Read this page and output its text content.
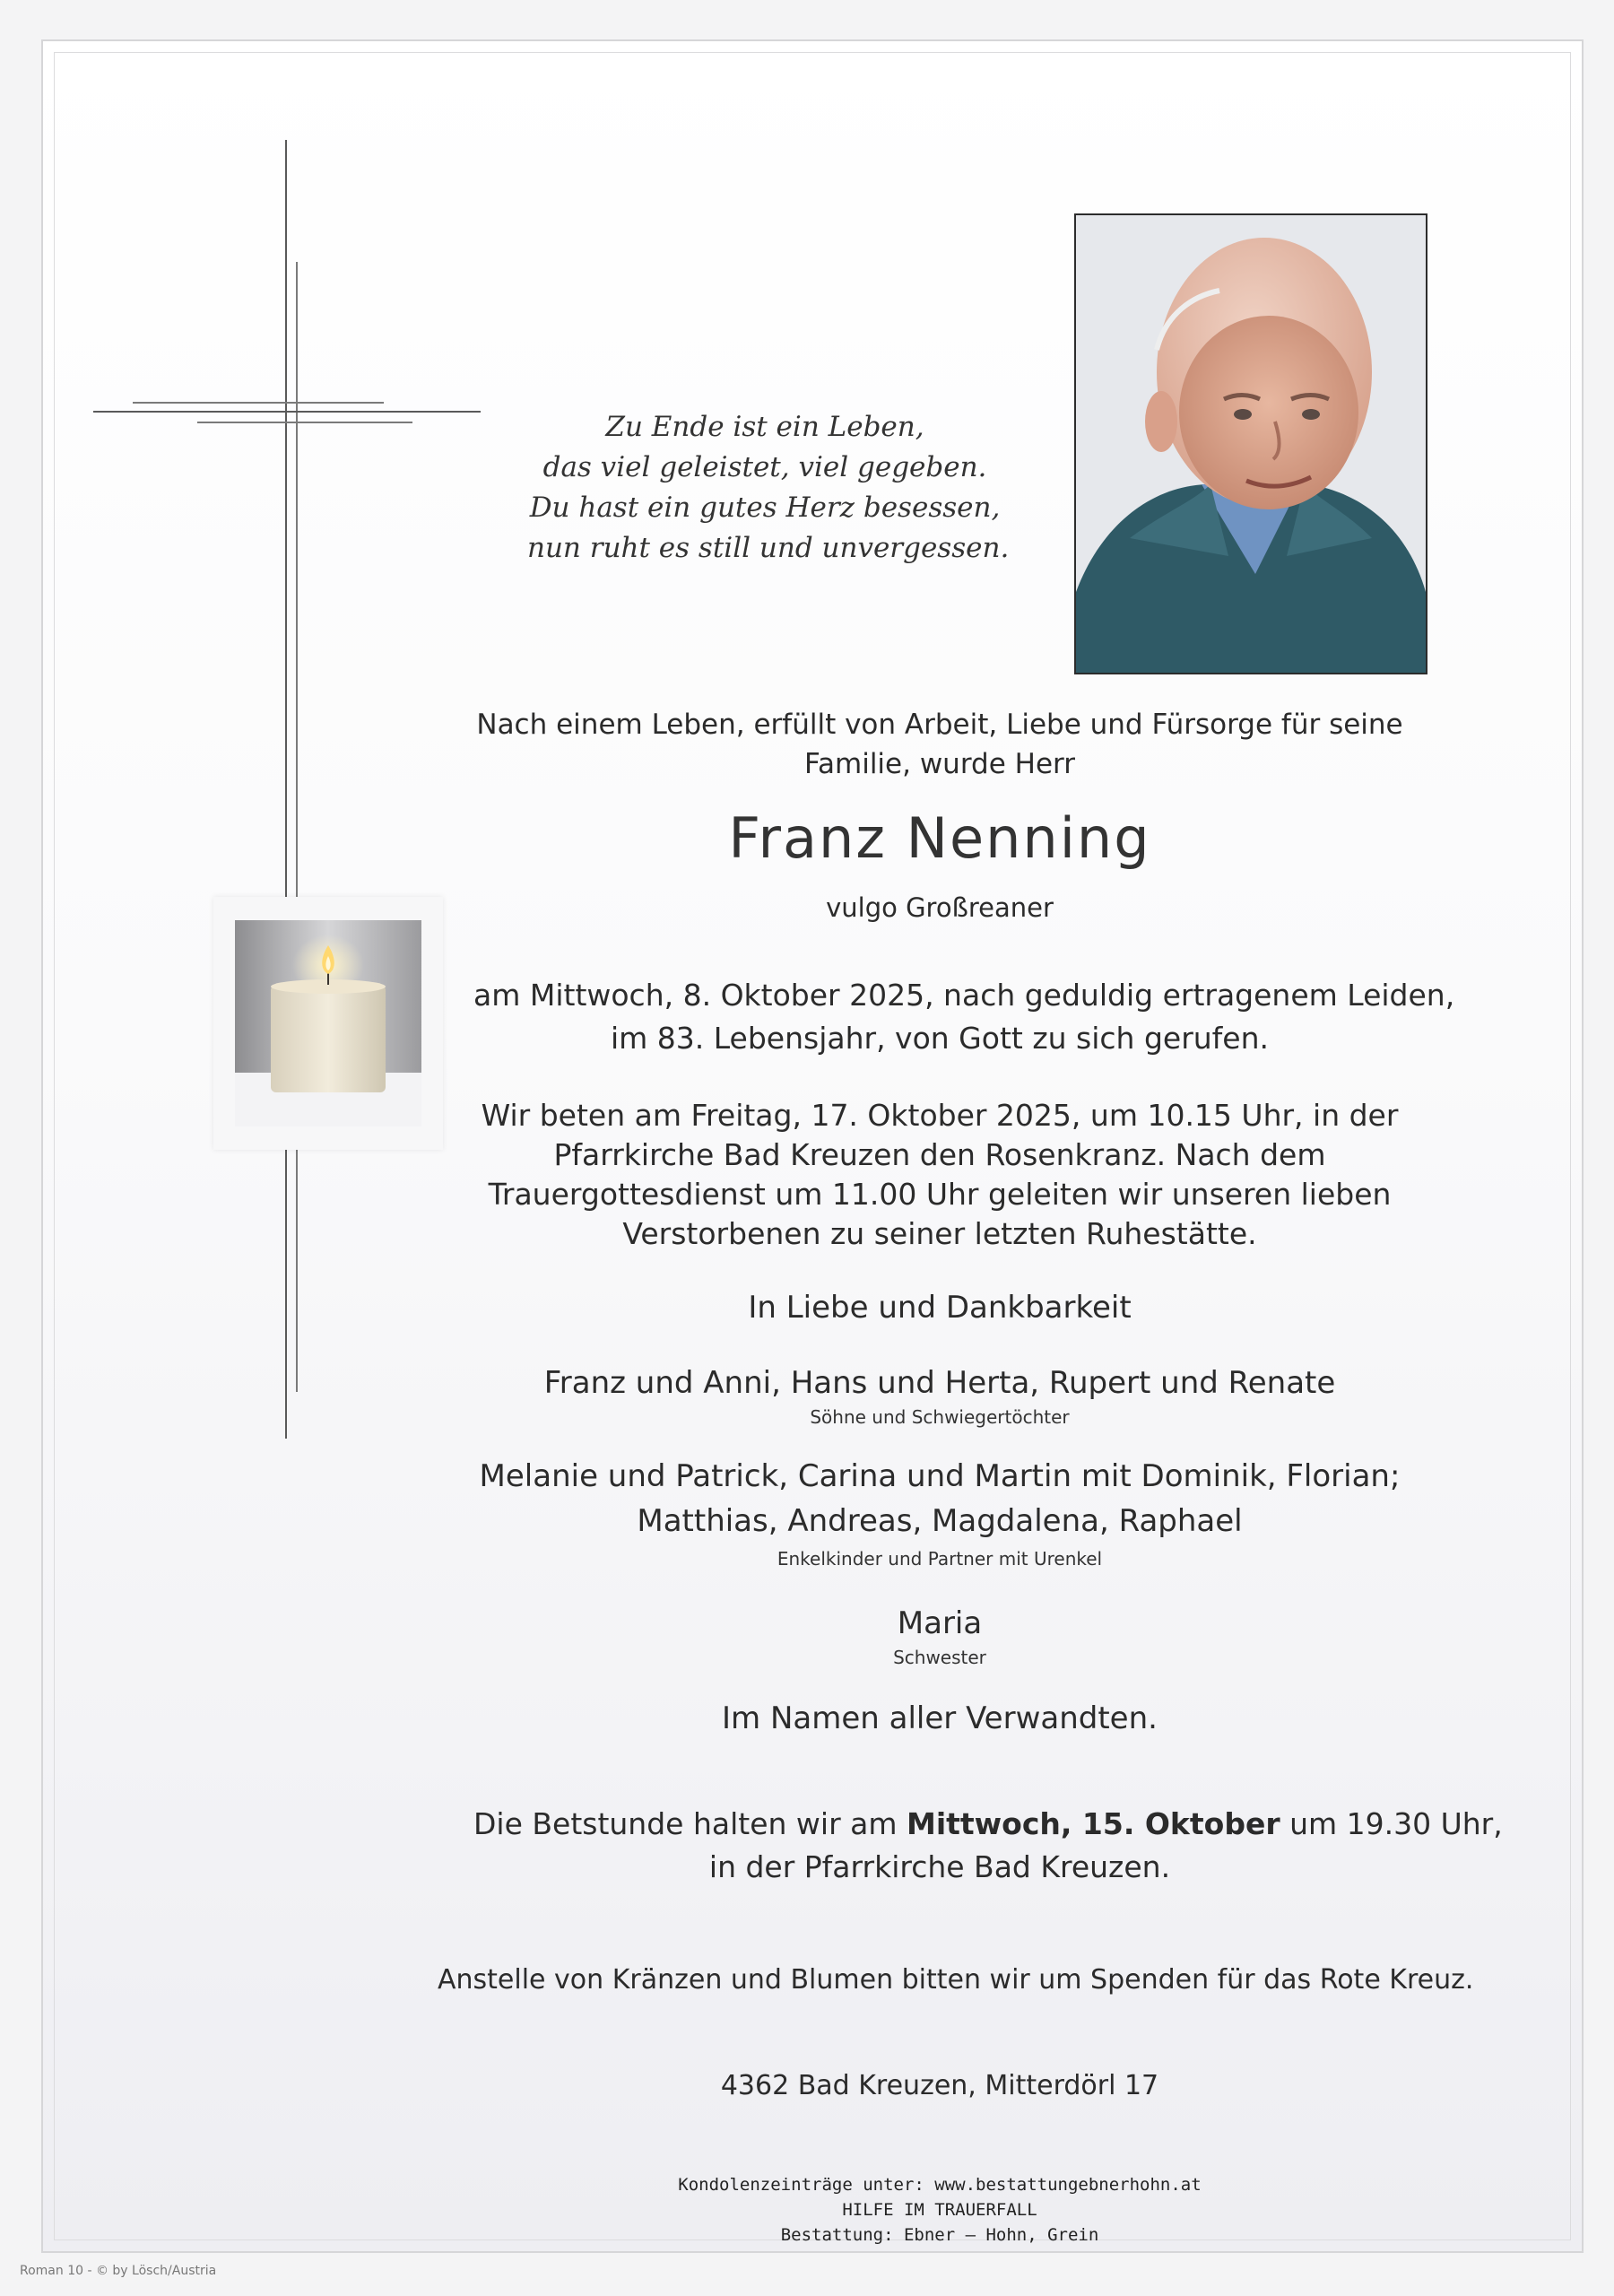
Zu Ende ist ein Leben,
das viel geleistet, viel gegeben.
Du hast ein gutes Herz besessen,
nun ruht es still und unvergessen.
Nach einem Leben, erfüllt von Arbeit, Liebe und Fürsorge für seine
Familie, wurde Herr
Franz Nenning
vulgo Großreaner
am Mittwoch, 8. Oktober 2025, nach geduldig ertragenem Leiden,
im 83. Lebensjahr, von Gott zu sich gerufen.
Wir beten am Freitag, 17. Oktober 2025, um 10.15 Uhr, in der
Pfarrkirche Bad Kreuzen den Rosenkranz. Nach dem
Trauergottesdienst um 11.00 Uhr geleiten wir unseren lieben
Verstorbenen zu seiner letzten Ruhestätte.
In Liebe und Dankbarkeit
Franz und Anni, Hans und Herta, Rupert und Renate
Söhne und Schwiegertöchter
Melanie und Patrick, Carina und Martin mit Dominik, Florian;
Matthias, Andreas, Magdalena, Raphael
Enkelkinder und Partner mit Urenkel
Maria
Schwester
Im Namen aller Verwandten.
Die Betstunde halten wir am Mittwoch, 15. Oktober um 19.30 Uhr,
in der Pfarrkirche Bad Kreuzen.
Anstelle von Kränzen und Blumen bitten wir um Spenden für das Rote Kreuz.
4362 Bad Kreuzen, Mitterdörl 17
Kondolenzeinträge unter: www.bestattungebnerhohn.at
HILFE IM TRAUERFALL
Bestattung: Ebner – Hohn, Grein
Roman 10 - © by Lösch/Austria
